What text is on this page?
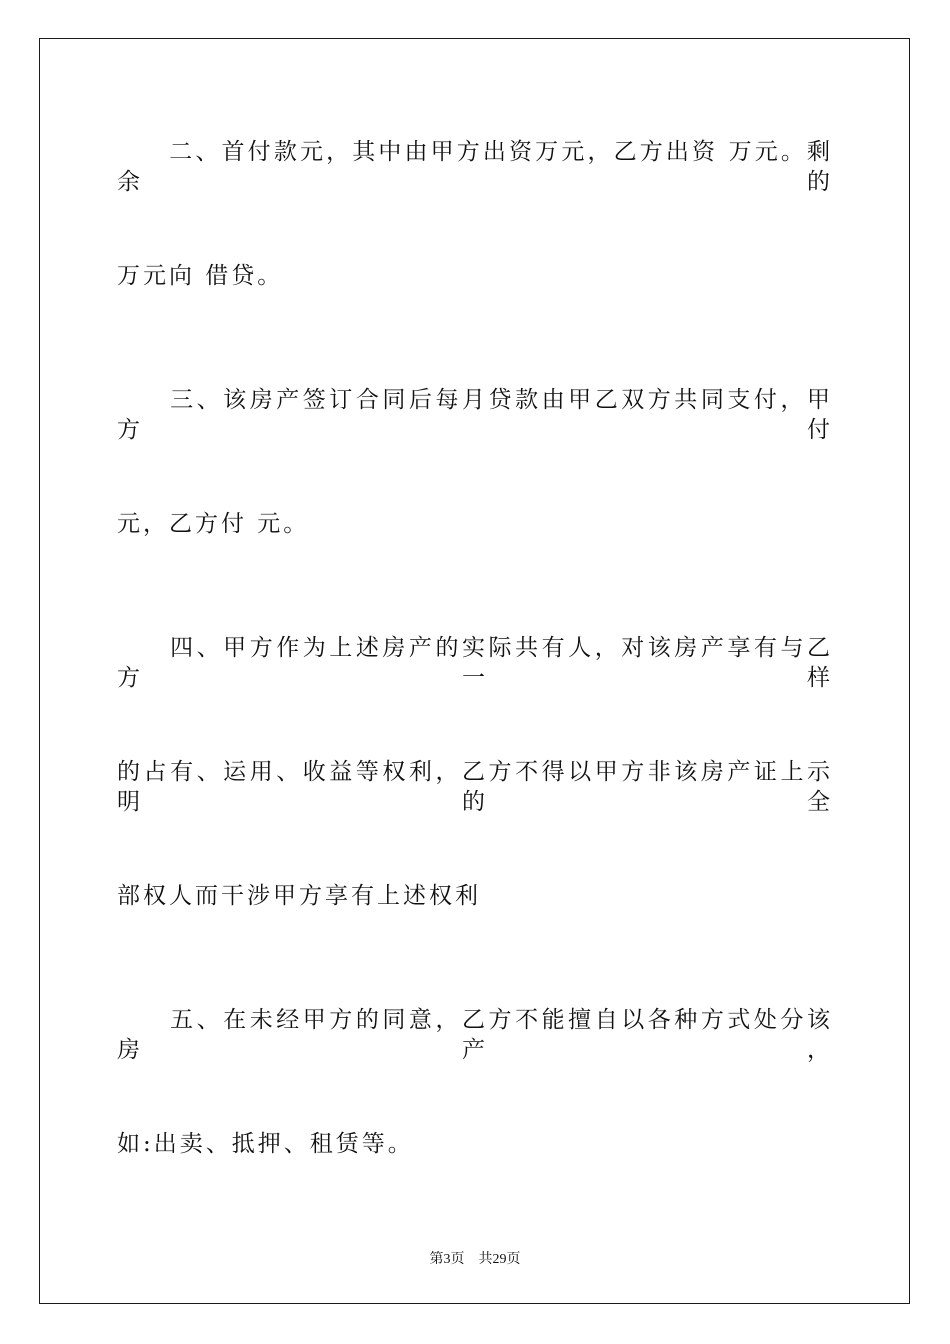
　　二、首付款元，其中由甲方出资万元，乙方出资 万元。剩余的
万元向 借贷。
　　三、该房产签订合同后每月贷款由甲乙双方共同支付，甲方付
元，乙方付 元。
　　四、甲方作为上述房产的实际共有人，对该房产享有与乙方一样
的占有、运用、收益等权利，乙方不得以甲方非该房产证上示明的全
部权人而干涉甲方享有上述权利
　　五、在未经甲方的同意，乙方不能擅自以各种方式处分该房产，
如:出卖、抵押、租赁等。
第3页　共29页
